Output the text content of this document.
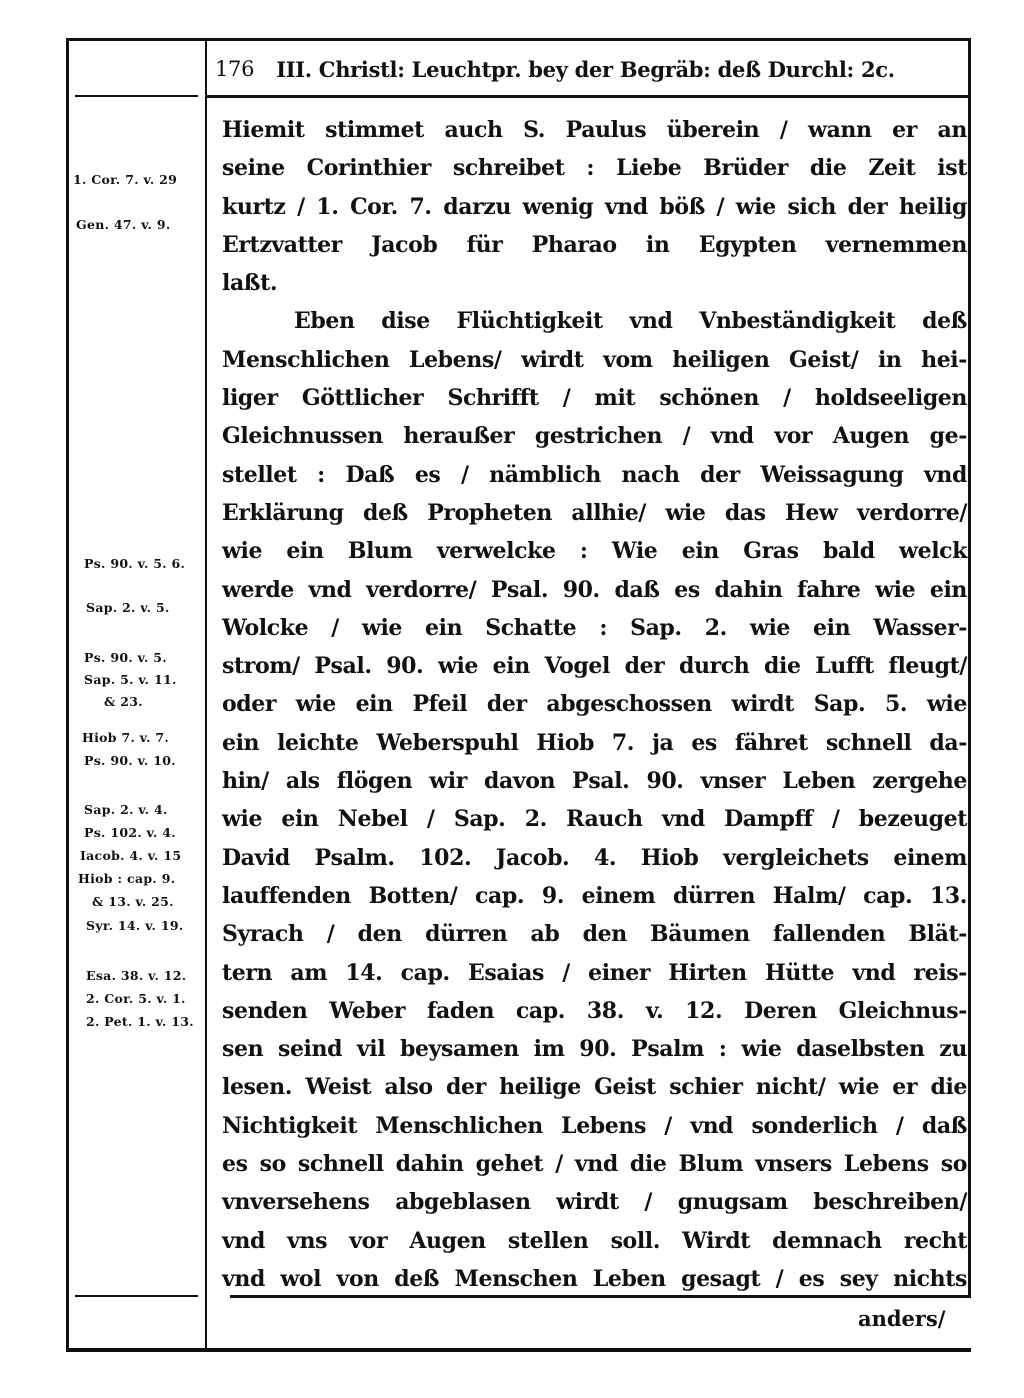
176 III. Christl: Leuchtpr. bey der Begräb: deß Durchl: 2c.
Hiemit stimmet auch S. Paulus überein / wann er an
seine Corinthier schreibet : Liebe Brüder die Zeit ist
kurtz / 1. Cor. 7. darzu wenig vnd böß / wie sich der heilig
Ertzvatter Jacob für Pharao in Egypten vernemmen
laßt.
Eben dise Flüchtigkeit vnd Vnbeständigkeit deß
Menschlichen Lebens/ wirdt vom heiligen Geist/ in hei-
liger Göttlicher Schrifft / mit schönen / holdseeligen
Gleichnussen heraußer gestrichen / vnd vor Augen ge-
stellet : Daß es / nämblich nach der Weissagung vnd
Erklärung deß Propheten allhie/ wie das Hew verdorre/
wie ein Blum verwelcke : Wie ein Gras bald welck
werde vnd verdorre/ Psal. 90. daß es dahin fahre wie ein
Wolcke / wie ein Schatte : Sap. 2. wie ein Wasser-
strom/ Psal. 90. wie ein Vogel der durch die Lufft fleugt/
oder wie ein Pfeil der abgeschossen wirdt Sap. 5. wie
ein leichte Weberspuhl Hiob 7. ja es fähret schnell da-
hin/ als flögen wir davon Psal. 90. vnser Leben zergehe
wie ein Nebel / Sap. 2. Rauch vnd Dampff / bezeuget
David Psalm. 102. Jacob. 4. Hiob vergleichets einem
lauffenden Botten/ cap. 9. einem dürren Halm/ cap. 13.
Syrach / den dürren ab den Bäumen fallenden Blät-
tern am 14. cap. Esaias / einer Hirten Hütte vnd reis-
senden Weber faden cap. 38. v. 12. Deren Gleichnus-
sen seind vil beysamen im 90. Psalm : wie daselbsten zu
lesen. Weist also der heilige Geist schier nicht/ wie er die
Nichtigkeit Menschlichen Lebens / vnd sonderlich / daß
es so schnell dahin gehet / vnd die Blum vnsers Lebens so
vnversehens abgeblasen wirdt / gnugsam beschreiben/
vnd vns vor Augen stellen soll. Wirdt demnach recht
vnd wol von deß Menschen Leben gesagt / es sey nichts
1. Cor. 7. v. 29
Gen. 47. v. 9.
Ps. 90. v. 5. 6.
Sap. 2. v. 5.
Ps. 90. v. 5.
Sap. 5. v. 11.
& 23.
Hiob 7. v. 7.
Ps. 90. v. 10.
Sap. 2. v. 4.
Ps. 102. v. 4.
Iacob. 4. v. 15
Hiob : cap. 9.
& 13. v. 25.
Syr. 14. v. 19.
Esa. 38. v. 12.
2. Cor. 5. v. 1.
2. Pet. 1. v. 13.
anders/
